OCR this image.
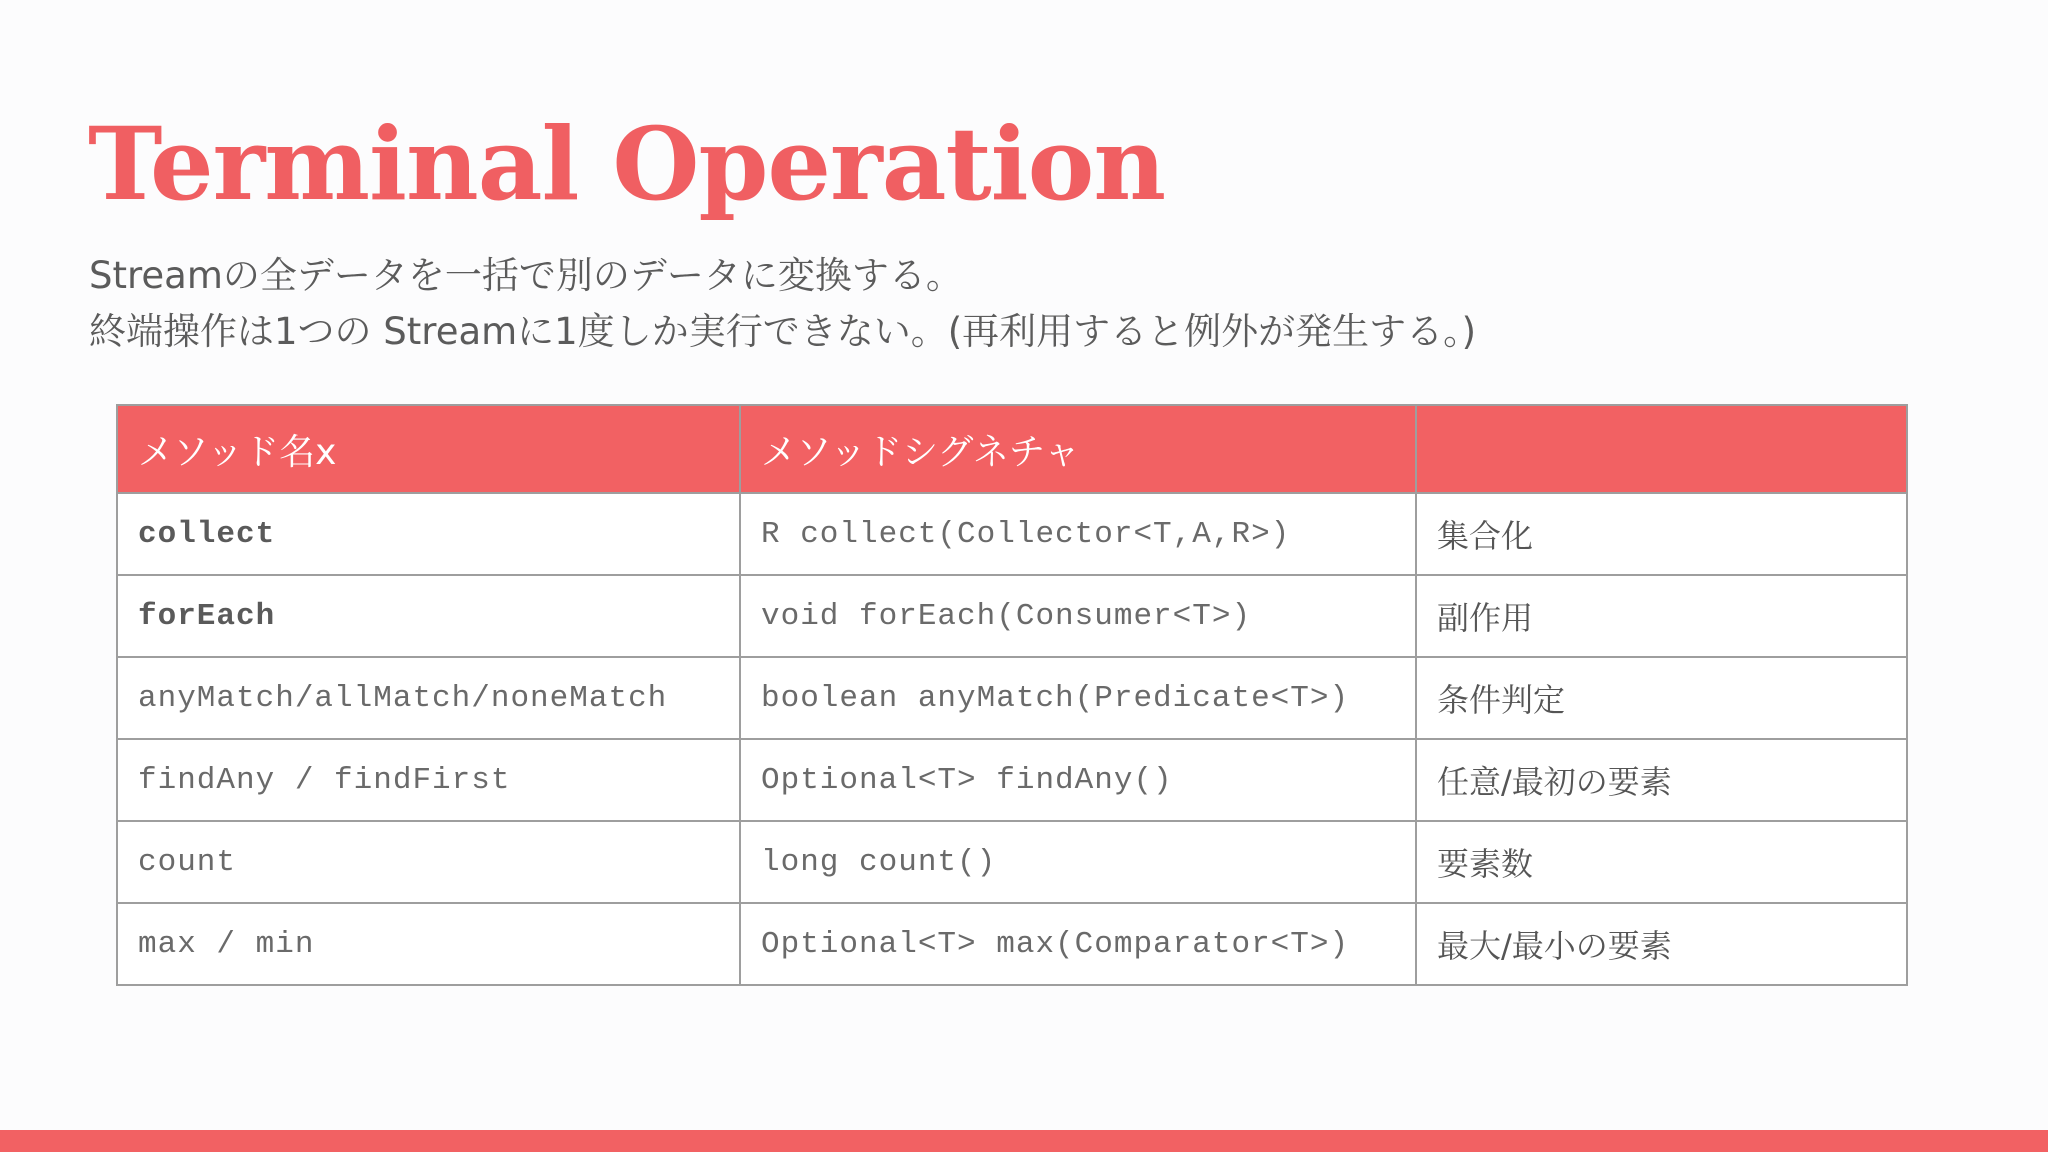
Terminal Operation
Streamの全データを一括で別のデータに変換する。
終端操作は1つの Streamに1度しか実行できない。(再利用すると例外が発生する。)
メソッド名x	メソッドシグネチャ	
collect	R collect(Collector<T,A,R>)	集合化
forEach	void forEach(Consumer<T>)	副作用
anyMatch/allMatch/noneMatch	boolean anyMatch(Predicate<T>)	条件判定
findAny / findFirst	Optional<T> findAny()	任意/最初の要素
count	long count()	要素数
max / min	Optional<T> max(Comparator<T>)	最大/最小の要素
